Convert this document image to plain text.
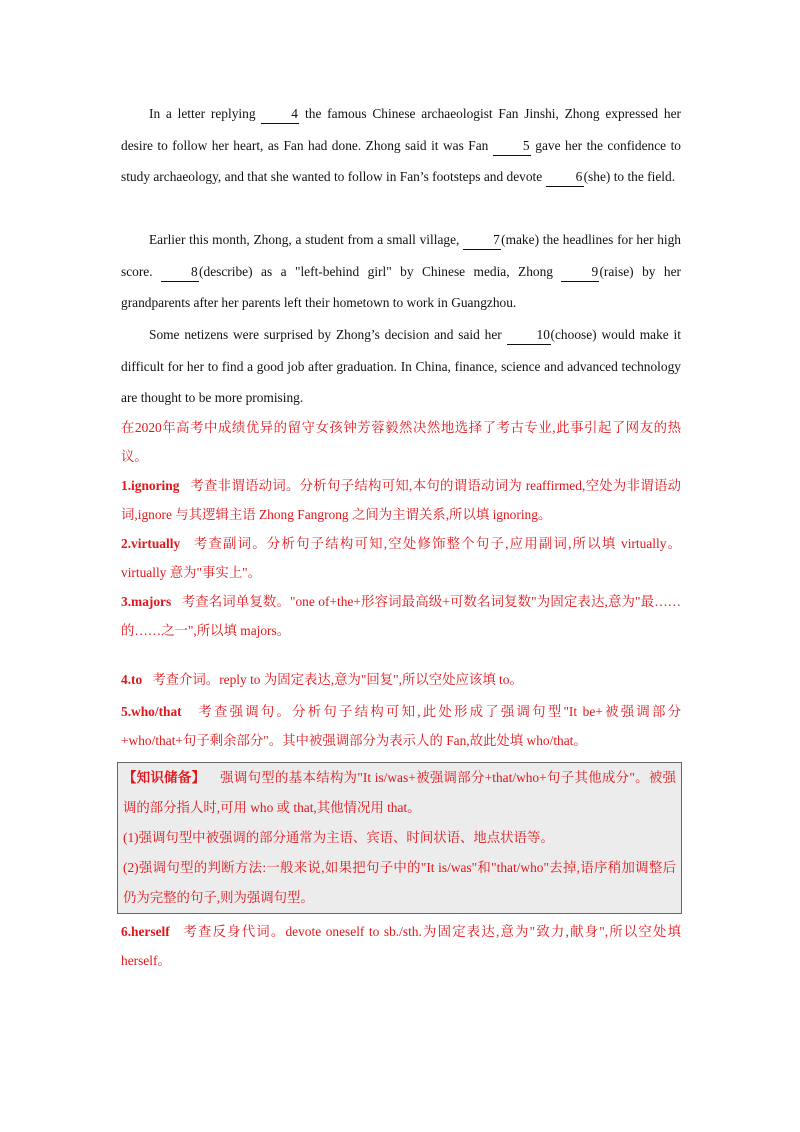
In a letter replying 4 the famous Chinese archaeologist Fan Jinshi, Zhong expressed her desire to follow her heart, as Fan had done. Zhong said it was Fan 5 gave her the confidence to study archaeology, and that she wanted to follow in Fan’s footsteps and devote 6(she) to the field.
Earlier this month, Zhong, a student from a small village, 7(make) the headlines for her high score. 8(describe) as a "left-behind girl" by Chinese media, Zhong 9(raise) by her grandparents after her parents left their hometown to work in Guangzhou.
Some netizens were surprised by Zhong’s decision and said her 10(choose) would make it difficult for her to find a good job after graduation. In China, finance, science and advanced technology are thought to be more promising.
在2020年高考中成绩优异的留守女孩钟芳蓉毅然决然地选择了考古专业,此事引起了网友的热议。
1.ignoring 考查非谓语动词。分析句子结构可知,本句的谓语动词为 reaffirmed,空处为非谓语动词,ignore 与其逻辑主语 Zhong Fangrong 之间为主谓关系,所以填 ignoring。
2.virtually 考查副词。分析句子结构可知,空处修饰整个句子,应用副词,所以填 virtually。virtually 意为"事实上"。
3.majors 考查名词单复数。"one of+the+形容词最高级+可数名词复数"为固定表达,意为"最……的……之一",所以填 majors。
4.to 考查介词。reply to 为固定表达,意为"回复",所以空处应该填 to。
5.who/that 考查强调句。分析句子结构可知,此处形成了强调句型"It be+被强调部分+who/that+句子剩余部分"。其中被强调部分为表示人的 Fan,故此处填 who/that。
【知识储备】 强调句型的基本结构为"It is/was+被强调部分+that/who+句子其他成分"。被强调的部分指人时,可用 who 或 that,其他情况用 that。
(1)强调句型中被强调的部分通常为主语、宾语、时间状语、地点状语等。
(2)强调句型的判断方法:一般来说,如果把句子中的"It is/was"和"that/who"去掉,语序稍加调整后仍为完整的句子,则为强调句型。
6.herself 考查反身代词。devote oneself to sb./sth.为固定表达,意为"致力,献身",所以空处填 herself。
